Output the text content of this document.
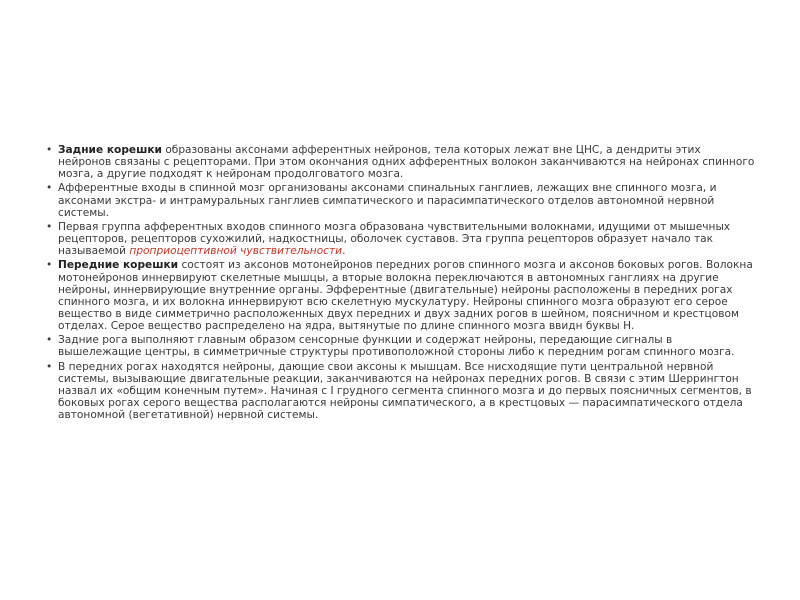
• Задние корешки образованы аксонами афферентных нейронов, тела которых лежат вне ЦНС, а дендриты этих нейронов связаны с рецепторами. При этом окончания одних афферентных волокон заканчиваются на нейронах спинного мозга, а другие подходят к нейронам продолговатого мозга.
• Афферентные входы в спинной мозг организованы аксонами спинальных ганглиев, лежащих вне спинного мозга, и аксонами экстра- и интрамуральных ганглиев симпатического и парасимпатического отделов автономной нервной системы.
• Первая группа афферентных входов спинного мозга образована чувствительными волокнами, идущими от мышечных рецепторов, рецепторов сухожилий, надкостницы, оболочек суставов. Эта группа рецепторов образует начало так называемой проприоцептивной чувствительности.
• Передние корешки состоят из аксонов мотонейронов передних рогов спинного мозга и аксонов боковых рогов. Волокна мотонейронов иннервируют скелетные мышцы, а вторые волокна переключаются в автономных ганглиях на другие нейроны, иннервирующие внутренние органы. Эфферентные (двигательные) нейроны расположены в передних рогах спинного мозга, и их волокна иннервируют всю скелетную мускулатуру. Нейроны спинного мозга образуют его серое вещество в виде симметрично расположенных двух передних и двух задних рогов в шейном, поясничном и крестцовом отделах. Серое вещество распределено на ядра, вытянутые по длине спинного мозга ввидн буквы Н.
• Задние рога выполняют главным образом сенсорные функции и содержат нейроны, передающие сигналы в вышележащие центры, в симметричные структуры противоположной стороны либо к передним рогам спинного мозга.
• В передних рогах находятся нейроны, дающие свои аксоны к мышцам. Все нисходящие пути центральной нервной системы, вызывающие двигательные реакции, заканчиваются на нейронах передних рогов. В связи с этим Шеррингтон назвал их «общим конечным путем». Начиная с I грудного сегмента спинного мозга и до первых поясничных сегментов, в боковых рогах серого вещества располагаются нейроны симпатического, а в крестцовых — парасимпатического отдела автономной (вегетативной) нервной системы.
